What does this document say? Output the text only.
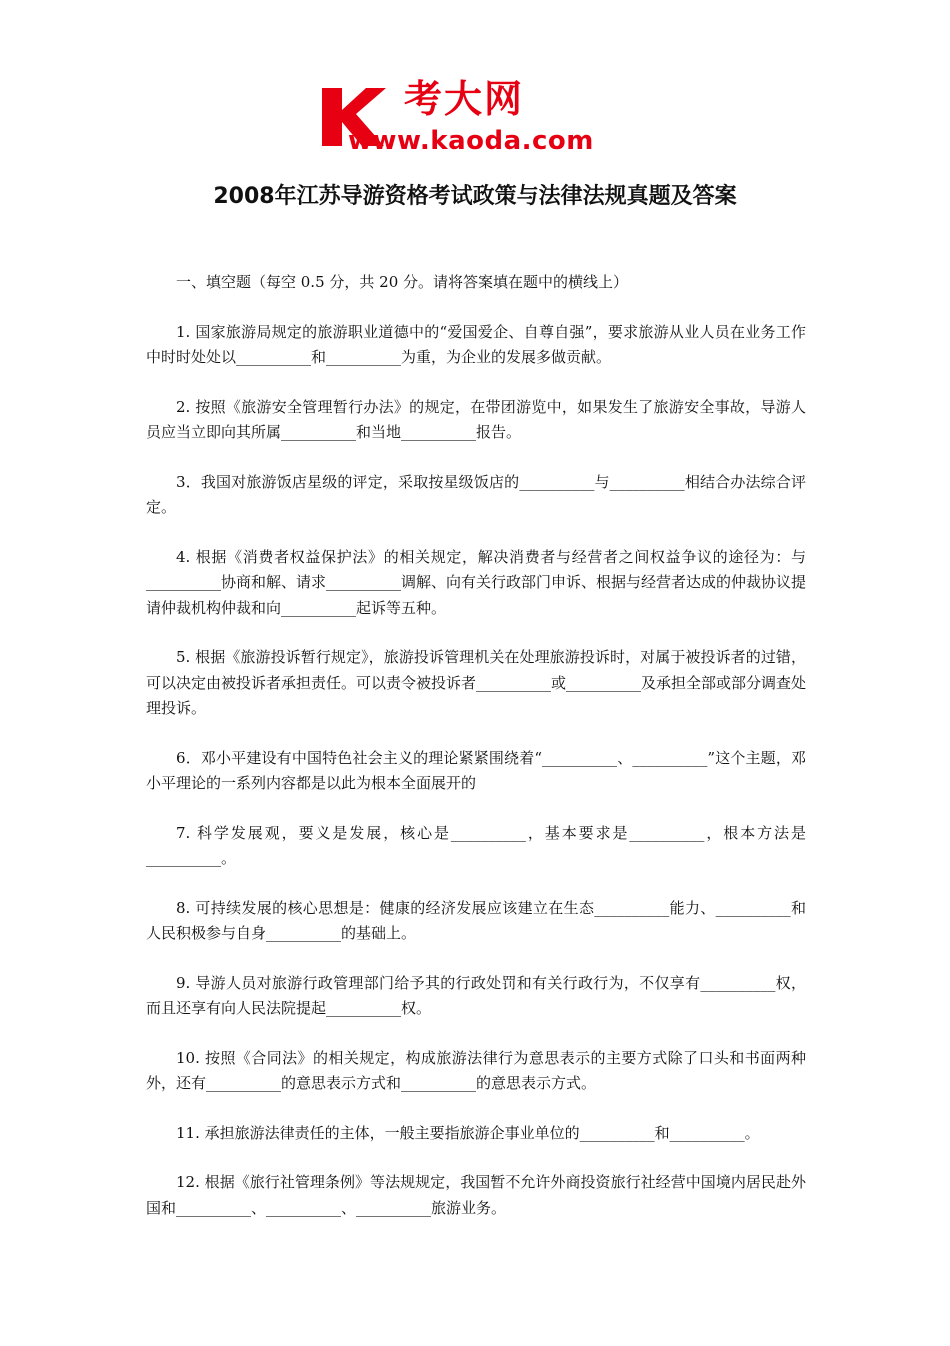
考大网
www.kaoda.com
2008年江苏导游资格考试政策与法律法规真题及答案

一、填空题（每空 0.5 分，共 20 分。请将答案填在题中的横线上）

1. 国家旅游局规定的旅游职业道德中的“爱国爱企、自尊自强”，要求旅游从业人员在业务工作中时时处处以__________和__________为重，为企业的发展多做贡献。

2. 按照《旅游安全管理暂行办法》的规定，在带团游览中，如果发生了旅游安全事故，导游人员应当立即向其所属__________和当地__________报告。

3．我国对旅游饭店星级的评定，采取按星级饭店的__________与__________相结合办法综合评定。

4. 根据《消费者权益保护法》的相关规定，解决消费者与经营者之间权益争议的途径为：与__________协商和解、请求__________调解、向有关行政部门申诉、根据与经营者达成的仲裁协议提请仲裁机构仲裁和向__________起诉等五种。

5. 根据《旅游投诉暂行规定》，旅游投诉管理机关在处理旅游投诉时，对属于被投诉者的过错，可以决定由被投诉者承担责任。可以责令被投诉者__________或__________及承担全部或部分调查处理投诉。

6．邓小平建设有中国特色社会主义的理论紧紧围绕着“__________、__________”这个主题，邓小平理论的一系列内容都是以此为根本全面展开的

7. 科学发展观，要义是发展，核心是__________，基本要求是__________，根本方法是__________。

8. 可持续发展的核心思想是：健康的经济发展应该建立在生态__________能力、__________和人民积极参与自身__________的基础上。

9. 导游人员对旅游行政管理部门给予其的行政处罚和有关行政行为，不仅享有__________权，而且还享有向人民法院提起__________权。

10. 按照《合同法》的相关规定，构成旅游法律行为意思表示的主要方式除了口头和书面两种外，还有__________的意思表示方式和__________的意思表示方式。

11. 承担旅游法律责任的主体，一般主要指旅游企事业单位的__________和__________。

12. 根据《旅行社管理条例》等法规规定，我国暂不允许外商投资旅行社经营中国境内居民赴外国和__________、__________、__________旅游业务。
